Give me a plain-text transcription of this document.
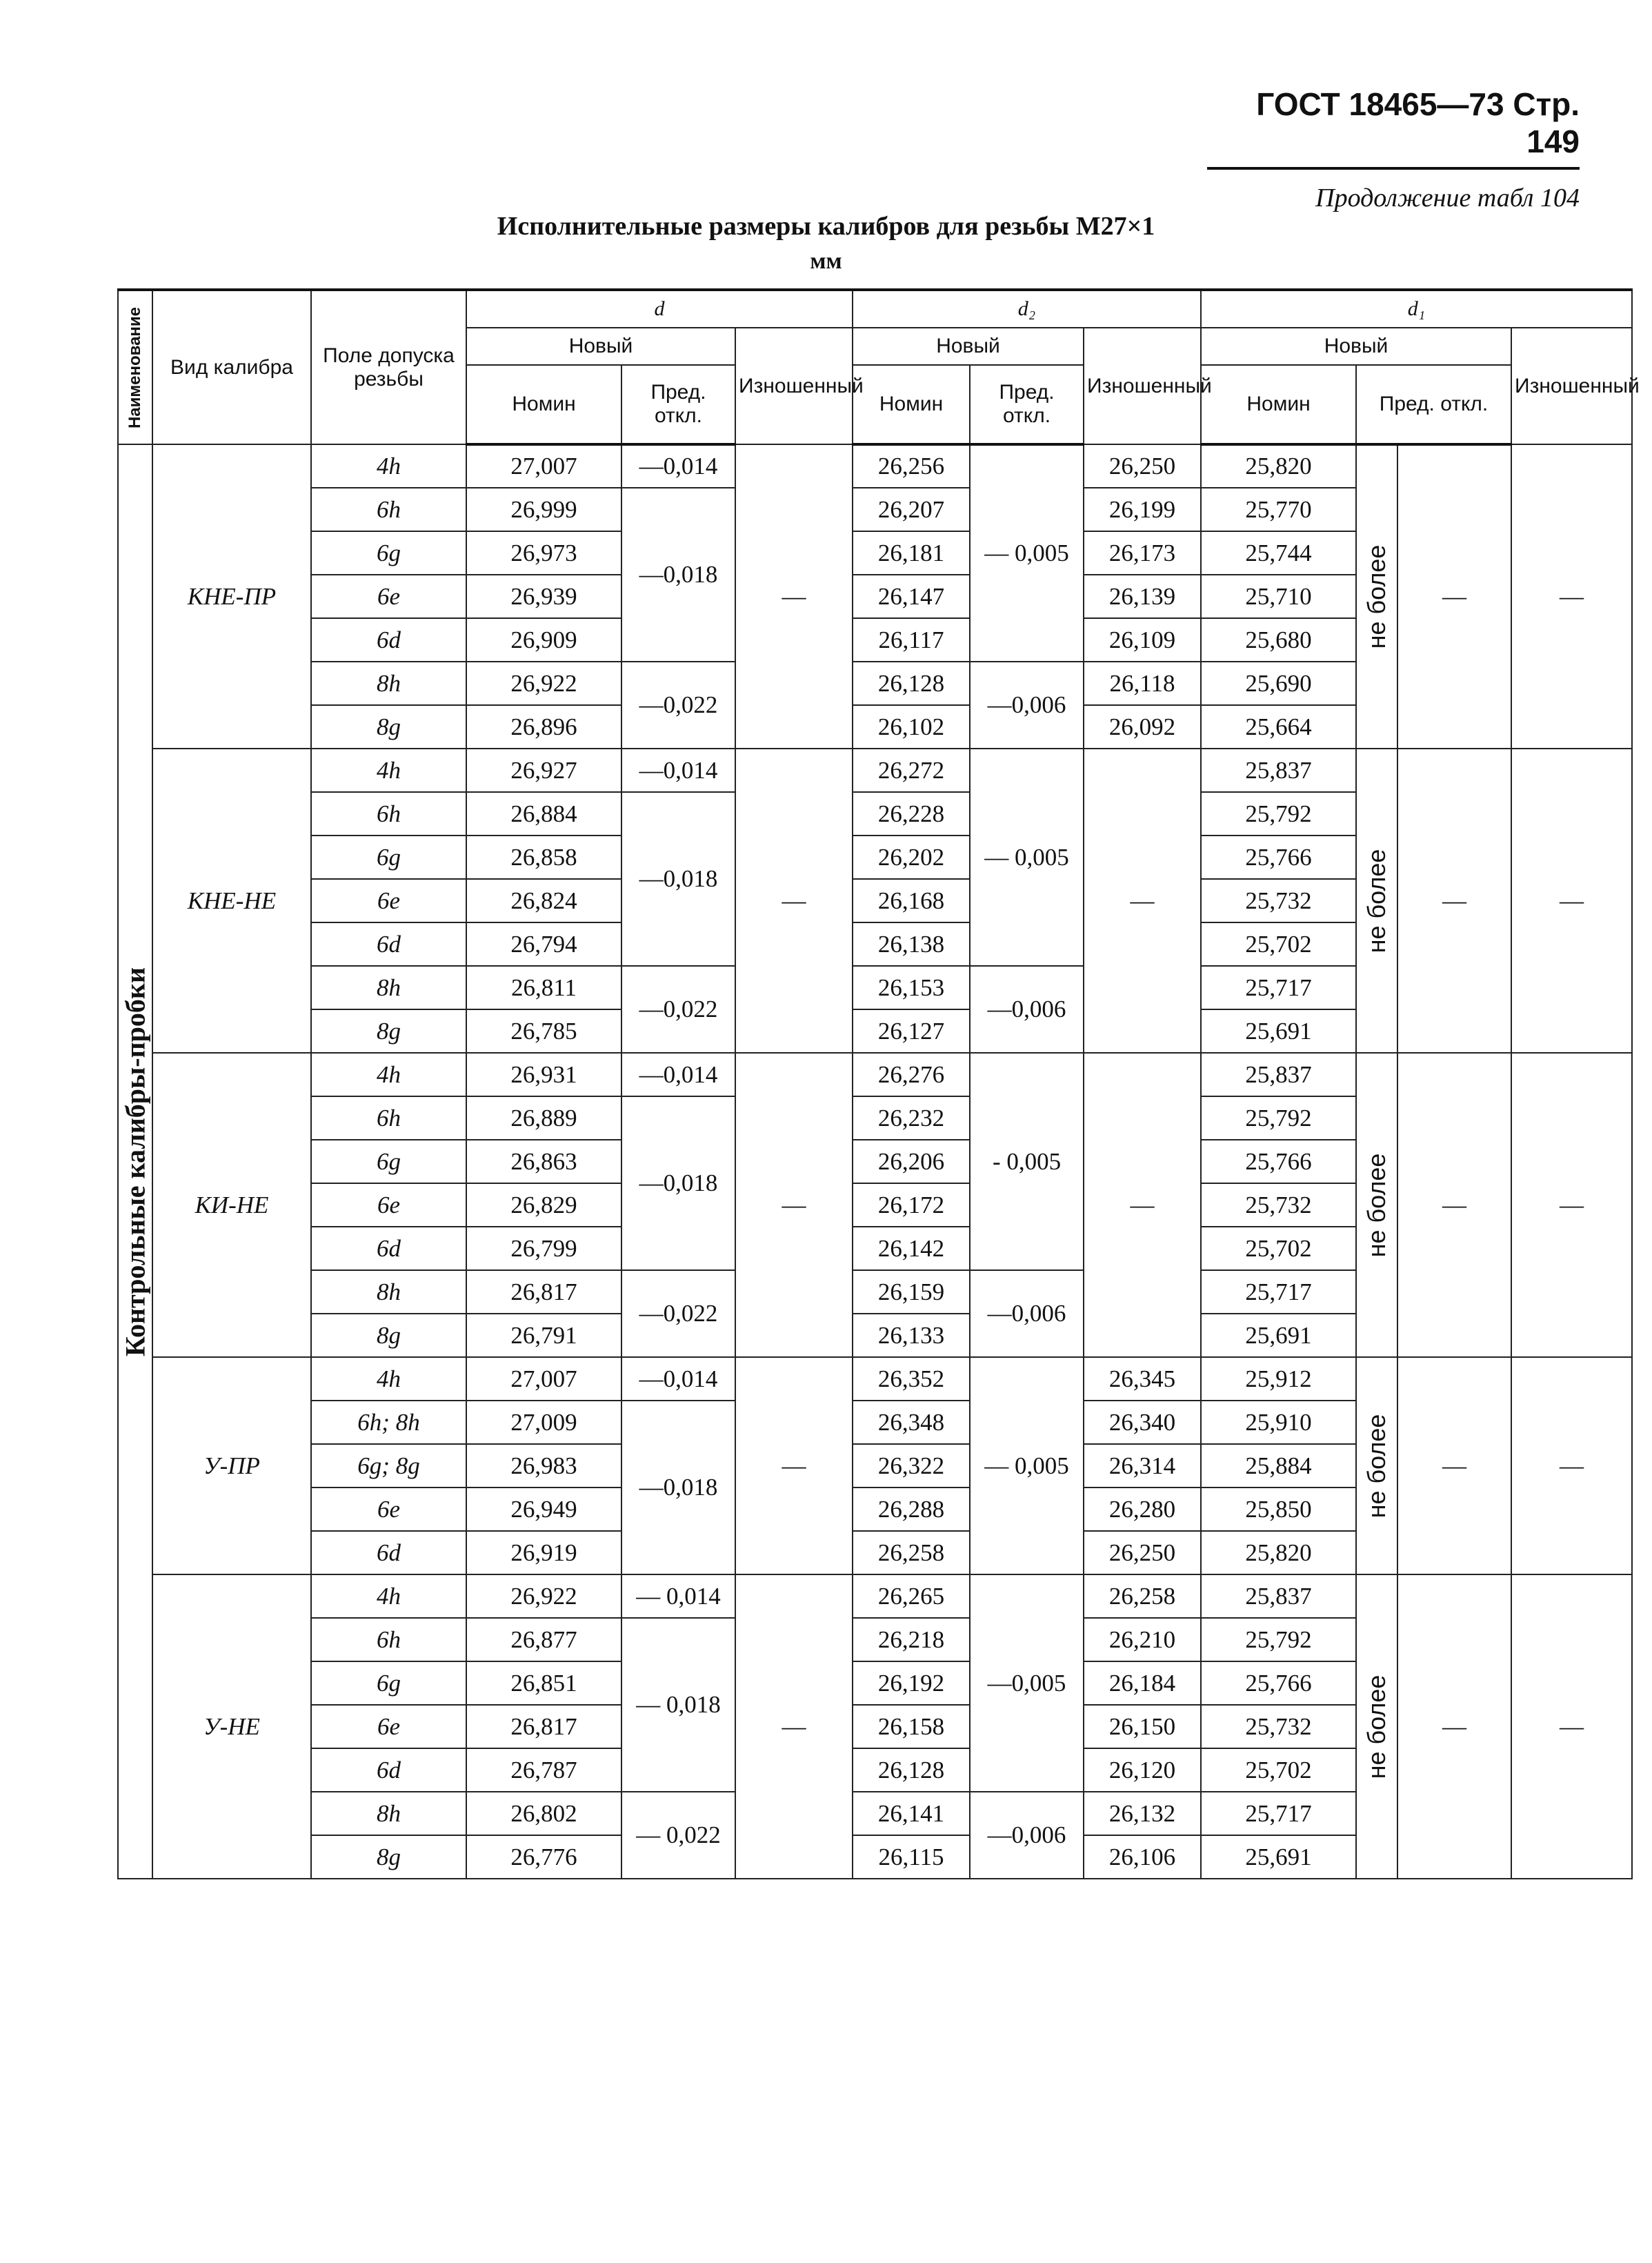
ГОСТ 18465—73 Стр. 149
Продолжение табл 104
Исполнительные размеры калибров для резьбы M27×1
мм
Наименование	Вид калибра	Поле допуска резьбы	d			d₂			d₁			
			Новый		Изношенный	Новый		Изношенный	Новый			Изношенный
			Номин	Пред. откл.		Номин	Пред. откл.		Номин	Пред. откл.		

Контрольные калибры-пробки	КНЕ-ПР	4h	27,007	—0,014	—	26,256	— 0,005	26,250	25,820	не более	—	—
		6h	26,999	—0,018		26,207		26,199	25,770			
		6g	26,973			26,181		26,173	25,744			
		6e	26,939			26,147		26,139	25,710			
		6d	26,909			26,117		26,109	25,680			
		8h	26,922	—0,022		26,128	—0,006	26,118	25,690			
		8g	26,896			26,102		26,092	25,664			
	КНЕ-НЕ	4h	26,927	—0,014	—	26,272	— 0,005	—	25,837	не более	—	—
		6h	26,884	—0,018		26,228			25,792			
		6g	26,858			26,202			25,766			
		6e	26,824			26,168			25,732			
		6d	26,794			26,138			25,702			
		8h	26,811	—0,022		26,153	—0,006		25,717			
		8g	26,785			26,127			25,691			
	КИ-НЕ	4h	26,931	—0,014	—	26,276	- 0,005	—	25,837	не более	—	—
		6h	26,889	—0,018		26,232			25,792			
		6g	26,863			26,206			25,766			
		6e	26,829			26,172			25,732			
		6d	26,799			26,142			25,702			
		8h	26,817	—0,022		26,159	—0,006		25,717			
		8g	26,791			26,133			25,691			
	У-ПР	4h	27,007	—0,014	—	26,352	— 0,005	26,345	25,912	не более	—	—
		6h; 8h	27,009	—0,018		26,348		26,340	25,910			
		6g; 8g	26,983			26,322		26,314	25,884			
		6e	26,949			26,288		26,280	25,850			
		6d	26,919			26,258		26,250	25,820			
	У-НЕ	4h	26,922	— 0,014	—	26,265	—0,005	26,258	25,837	не более	—	—
		6h	26,877	— 0,018		26,218		26,210	25,792			
		6g	26,851			26,192		26,184	25,766			
		6e	26,817			26,158		26,150	25,732			
		6d	26,787			26,128		26,120	25,702			
		8h	26,802	— 0,022		26,141	—0,006	26,132	25,717			
		8g	26,776			26,115		26,106	25,691			
